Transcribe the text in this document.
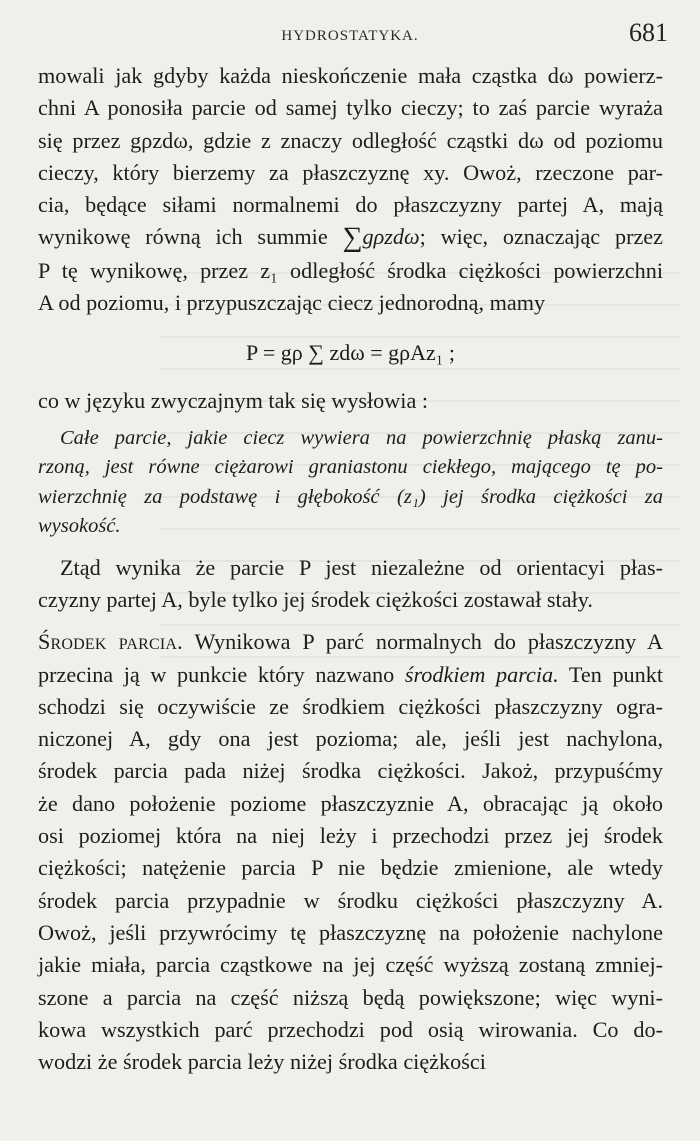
HYDROSTATYKA.	681

mowali jak gdyby każda nieskończenie mała cząstka dω powierz-
chni A ponosiła parcie od samej tylko cieczy; to zaś parcie wyraża
się przez gρzdω, gdzie z znaczy odległość cząstki dω od poziomu
cieczy, który bierzemy za płaszczyznę xy. Owoż, rzeczone par-
cia, będące siłami normalnemi do płaszczyzny partej A, mają
wynikowę równą ich summie ∑gρzdω; więc, oznaczając przez
P tę wynikowę, przez z₁ odległość środka ciężkości powierzchni
A od poziomu, i przypuszczając ciecz jednorodną, mamy

P = gρ ∑ zdω = gρAz₁ ;

co w języku zwyczajnym tak się wysłowia :

Całe parcie, jakie ciecz wywiera na powierzchnię płaską zanu-
rzoną, jest równe ciężarowi graniastonu ciekłego, mającego tę po-
wierzchnię za podstawę i głębokość (z₁) jej środka ciężkości za
wysokość.

Ztąd wynika że parcie P jest niezależne od orientacyi płas-
czyzny partej A, byle tylko jej środek ciężkości zostawał stały.

Środek parcia. Wynikowa P parć normalnych do płaszczyzny A
przecina ją w punkcie który nazwano środkiem parcia. Ten punkt
schodzi się oczywiście ze środkiem ciężkości płaszczyzny ogra-
niczonej A, gdy ona jest pozioma; ale, jeśli jest nachylona,
środek parcia pada niżej środka ciężkości. Jakoż, przypuśćmy
że dano położenie poziome płaszczyznie A, obracając ją około
osi poziomej która na niej leży i przechodzi przez jej środek
ciężkości; natężenie parcia P nie będzie zmienione, ale wtedy
środek parcia przypadnie w środku ciężkości płaszczyzny A.
Owoż, jeśli przywrócimy tę płaszczyznę na położenie nachylone
jakie miała, parcia cząstkowe na jej część wyższą zostaną zmniej-
szone a parcia na część niższą będą powiększone; więc wyni-
kowa wszystkich parć przechodzi pod osią wirowania. Co do-
wodzi że środek parcia leży niżej środka ciężkości
